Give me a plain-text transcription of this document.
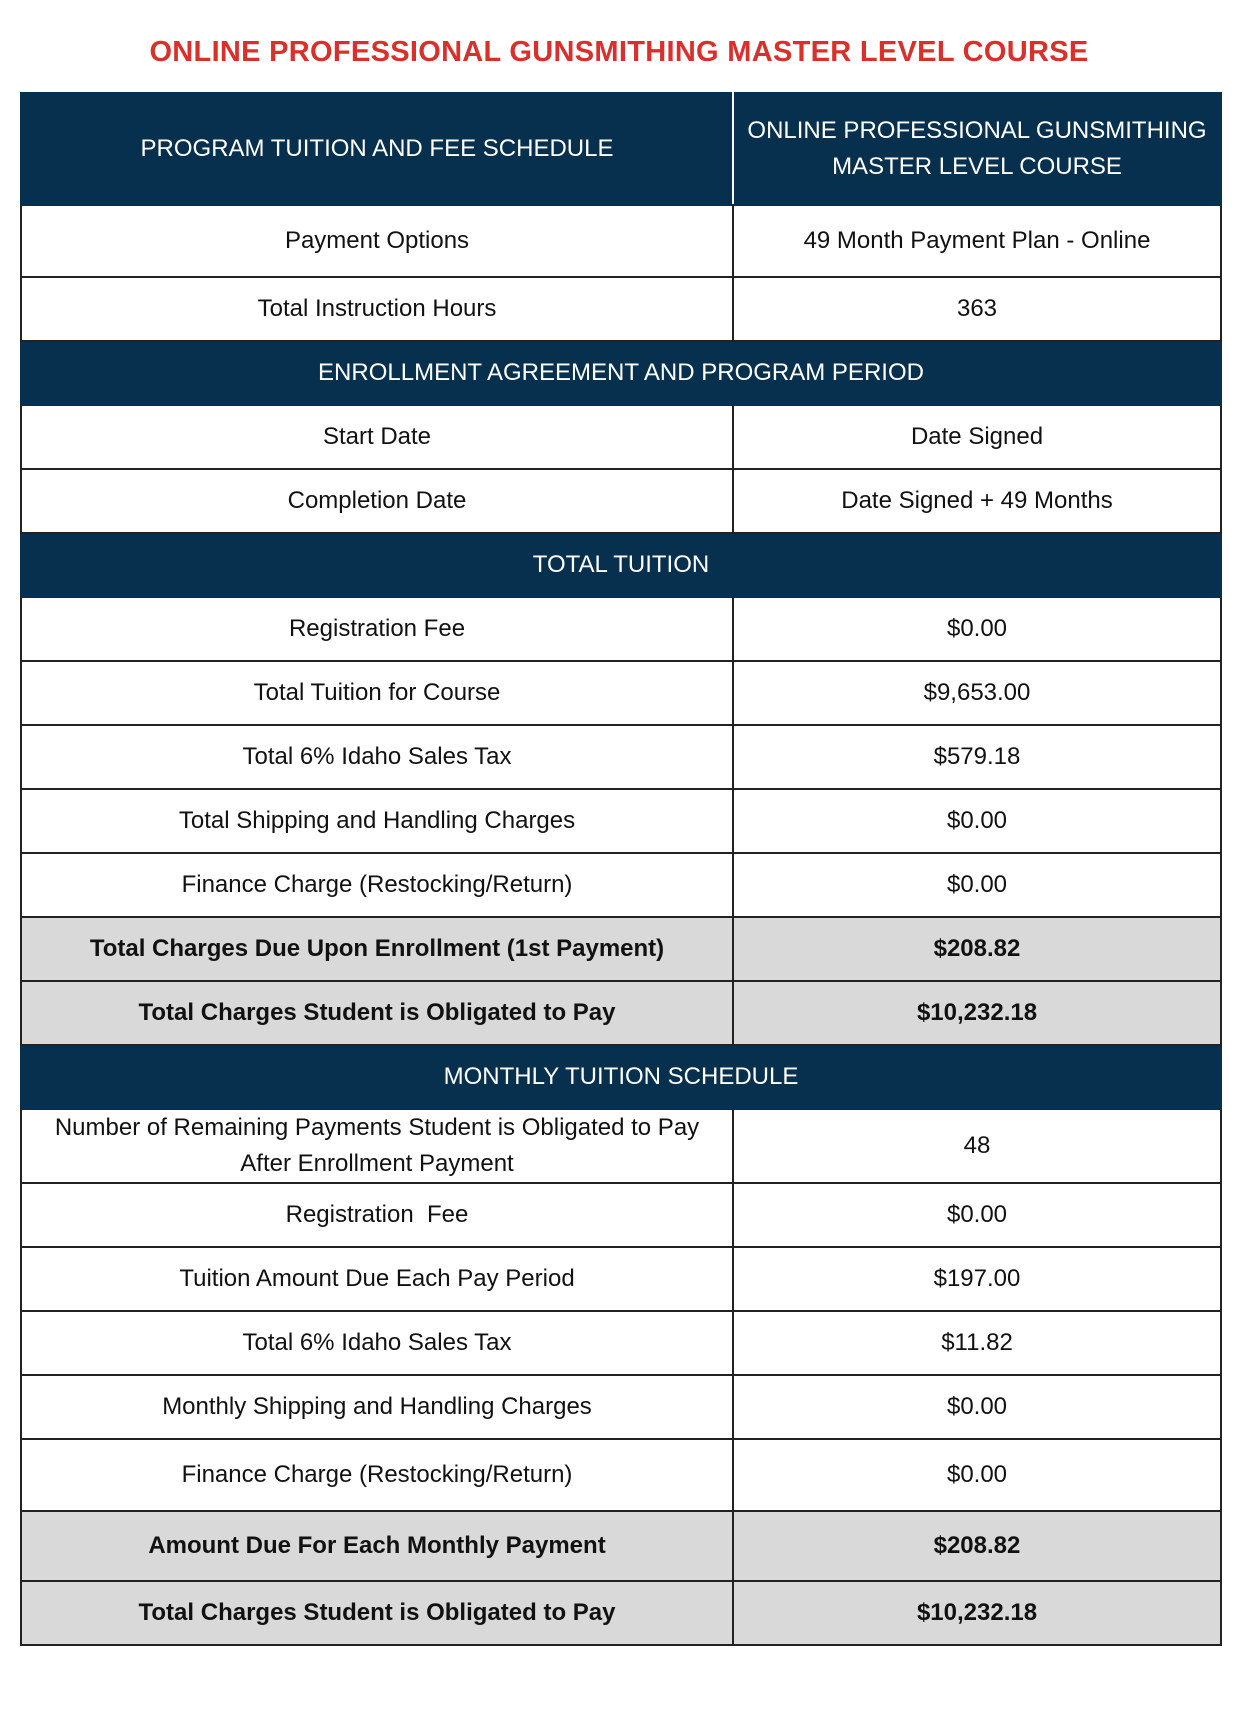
ONLINE PROFESSIONAL GUNSMITHING MASTER LEVEL COURSE
PROGRAM TUITION AND FEE SCHEDULE	ONLINE PROFESSIONAL GUNSMITHING MASTER LEVEL COURSE
Payment Options	49 Month Payment Plan - Online
Total Instruction Hours	363
ENROLLMENT AGREEMENT AND PROGRAM PERIOD	
Start Date	Date Signed
Completion Date	Date Signed + 49 Months
TOTAL TUITION	
Registration Fee	$0.00
Total Tuition for Course	$9,653.00
Total 6% Idaho Sales Tax	$579.18
Total Shipping and Handling Charges	$0.00
Finance Charge (Restocking/Return)	$0.00
Total Charges Due Upon Enrollment (1st Payment)	$208.82
Total Charges Student is Obligated to Pay	$10,232.18
MONTHLY TUITION SCHEDULE	
Number of Remaining Payments Student is Obligated to Pay After Enrollment Payment	48
Registration  Fee	$0.00
Tuition Amount Due Each Pay Period	$197.00
Total 6% Idaho Sales Tax	$11.82
Monthly Shipping and Handling Charges	$0.00
Finance Charge (Restocking/Return)	$0.00
Amount Due For Each Monthly Payment	$208.82
Total Charges Student is Obligated to Pay	$10,232.18
